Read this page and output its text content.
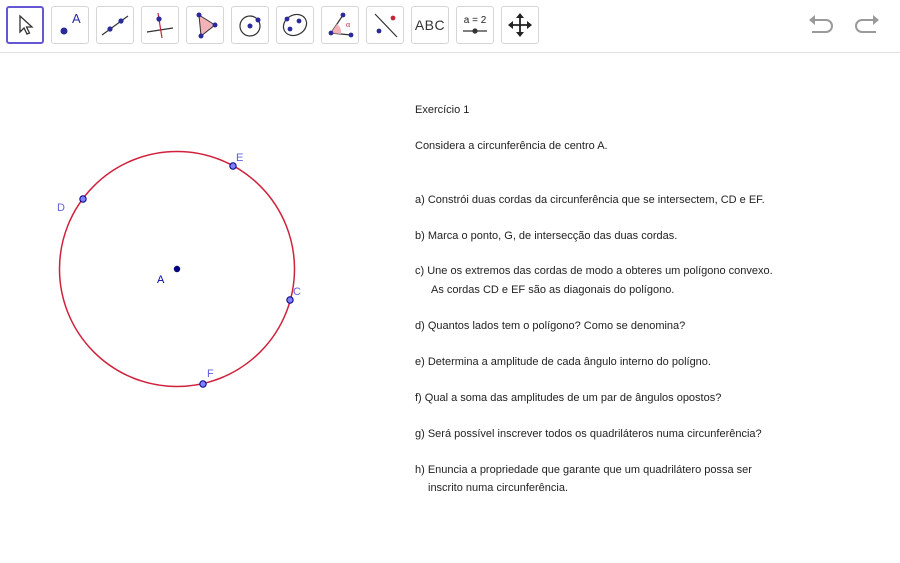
A	α	ABC a = 2
A
E
D
C
F
Exercício 1
Considera a circunferência de centro A.
a) Constrói duas cordas da circunferência que se intersectem, CD e EF.
b) Marca o ponto, G, de intersecção das duas cordas.
c) Une os extremos das cordas de modo a obteres um polígono convexo.
As cordas CD e EF são as diagonais do polígono.
d) Quantos lados tem o polígono? Como se denomina?
e) Determina a amplitude de cada ângulo interno do polígno.
f) Qual a soma das amplitudes de um par de ângulos opostos?
g) Será possível inscrever todos os quadriláteros numa circunferência?
h) Enuncia a propriedade que garante que um quadrilátero possa ser
inscrito numa circunferência.
